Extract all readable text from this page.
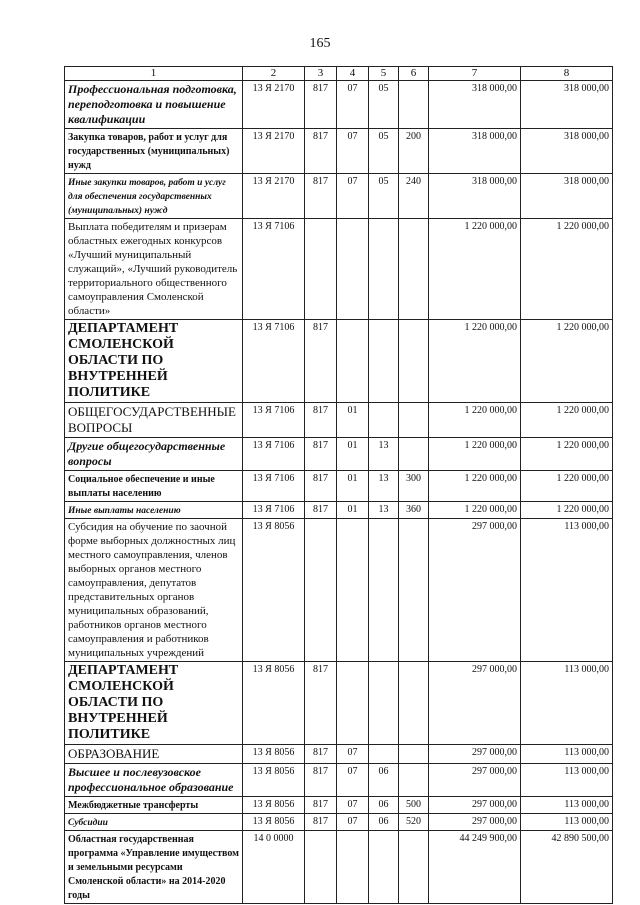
165
1	2	3	4	5	6	7	8
Профессиональная подготовка, переподготовка и повышение квалификации	13 Я 2170	817	07	05		318 000,00	318 000,00
Закупка товаров, работ и услуг для государственных (муниципальных) нужд	13 Я 2170	817	07	05	200	318 000,00	318 000,00
Иные закупки товаров, работ и услуг для обеспечения государственных (муниципальных) нужд	13 Я 2170	817	07	05	240	318 000,00	318 000,00
Выплата победителям и призерам областных ежегодных конкурсов «Лучший муниципальный служащий», «Лучший руководитель территориального общественного самоуправления Смоленской области»	13 Я 7106					1 220 000,00	1 220 000,00
ДЕПАРТАМЕНТ СМОЛЕНСКОЙ ОБЛАСТИ ПО ВНУТРЕННЕЙ ПОЛИТИКЕ	13 Я 7106	817				1 220 000,00	1 220 000,00
ОБЩЕГОСУДАРСТВЕННЫЕ ВОПРОСЫ	13 Я 7106	817	01			1 220 000,00	1 220 000,00
Другие общегосударственные вопросы	13 Я 7106	817	01	13		1 220 000,00	1 220 000,00
Социальное обеспечение и иные выплаты населению	13 Я 7106	817	01	13	300	1 220 000,00	1 220 000,00
Иные выплаты населению	13 Я 7106	817	01	13	360	1 220 000,00	1 220 000,00
Субсидия на обучение по заочной форме выборных должностных лиц местного самоуправления, членов выборных органов местного самоуправления, депутатов представительных органов муниципальных образований, работников органов местного самоуправления и работников муниципальных учреждений	13 Я 8056					297 000,00	113 000,00
ДЕПАРТАМЕНТ СМОЛЕНСКОЙ ОБЛАСТИ ПО ВНУТРЕННЕЙ ПОЛИТИКЕ	13 Я 8056	817				297 000,00	113 000,00
ОБРАЗОВАНИЕ	13 Я 8056	817	07			297 000,00	113 000,00
Высшее и послевузовское профессиональное образование	13 Я 8056	817	07	06		297 000,00	113 000,00
Межбюджетные трансферты	13 Я 8056	817	07	06	500	297 000,00	113 000,00
Субсидии	13 Я 8056	817	07	06	520	297 000,00	113 000,00
Областная государственная программа «Управление имуществом и земельными ресурсами Смоленской области» на 2014-2020 годы	14 0 0000					44 249 900,00	42 890 500,00
